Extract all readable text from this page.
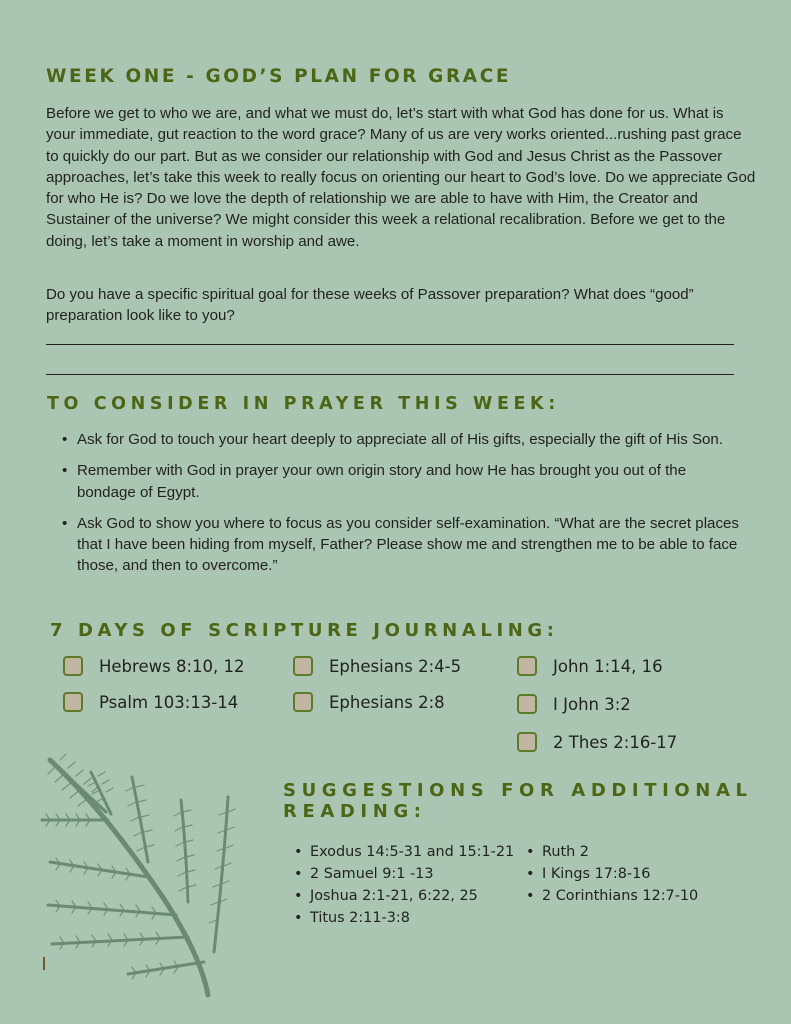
WEEK ONE - GOD’S PLAN FOR GRACE

Before we get to who we are, and what we must do, let’s start with what God has done for us. What is your immediate, gut reaction to the word grace? Many of us are very works oriented...rushing past grace to quickly do our part. But as we consider our relationship with God and Jesus Christ as the Passover approaches, let’s take this week to really focus on orienting our heart to God’s love. Do we appreciate God for who He is? Do we love the depth of relationship we are able to have with Him, the Creator and Sustainer of the universe? We might consider this week a relational recalibration. Before we get to the doing, let’s take a moment in worship and awe.

Do you have a specific spiritual goal for these weeks of Passover preparation? What does “good” preparation look like to you?

TO CONSIDER IN PRAYER THIS WEEK:
• Ask for God to touch your heart deeply to appreciate all of His gifts, especially the gift of His Son.
• Remember with God in prayer your own origin story and how He has brought you out of the bondage of Egypt.
• Ask God to show you where to focus as you consider self-examination. “What are the secret places that I have been hiding from myself, Father? Please show me and strengthen me to be able to face those, and then to overcome.”
7 DAYS OF SCRIPTURE JOURNALING:
Hebrews 8:10, 12
Psalm 103:13-14
Ephesians 2:4-5
Ephesians 2:8
John 1:14, 16
I John 3:2
2 Thes 2:16-17
SUGGESTIONS FOR ADDITIONAL READING:
• Exodus 14:5-31 and 15:1-21
• 2 Samuel 9:1 -13
• Joshua 2:1-21, 6:22, 25
• Titus 2:11-3:8
• Ruth 2
• I Kings 17:8-16
• 2 Corinthians 12:7-10
